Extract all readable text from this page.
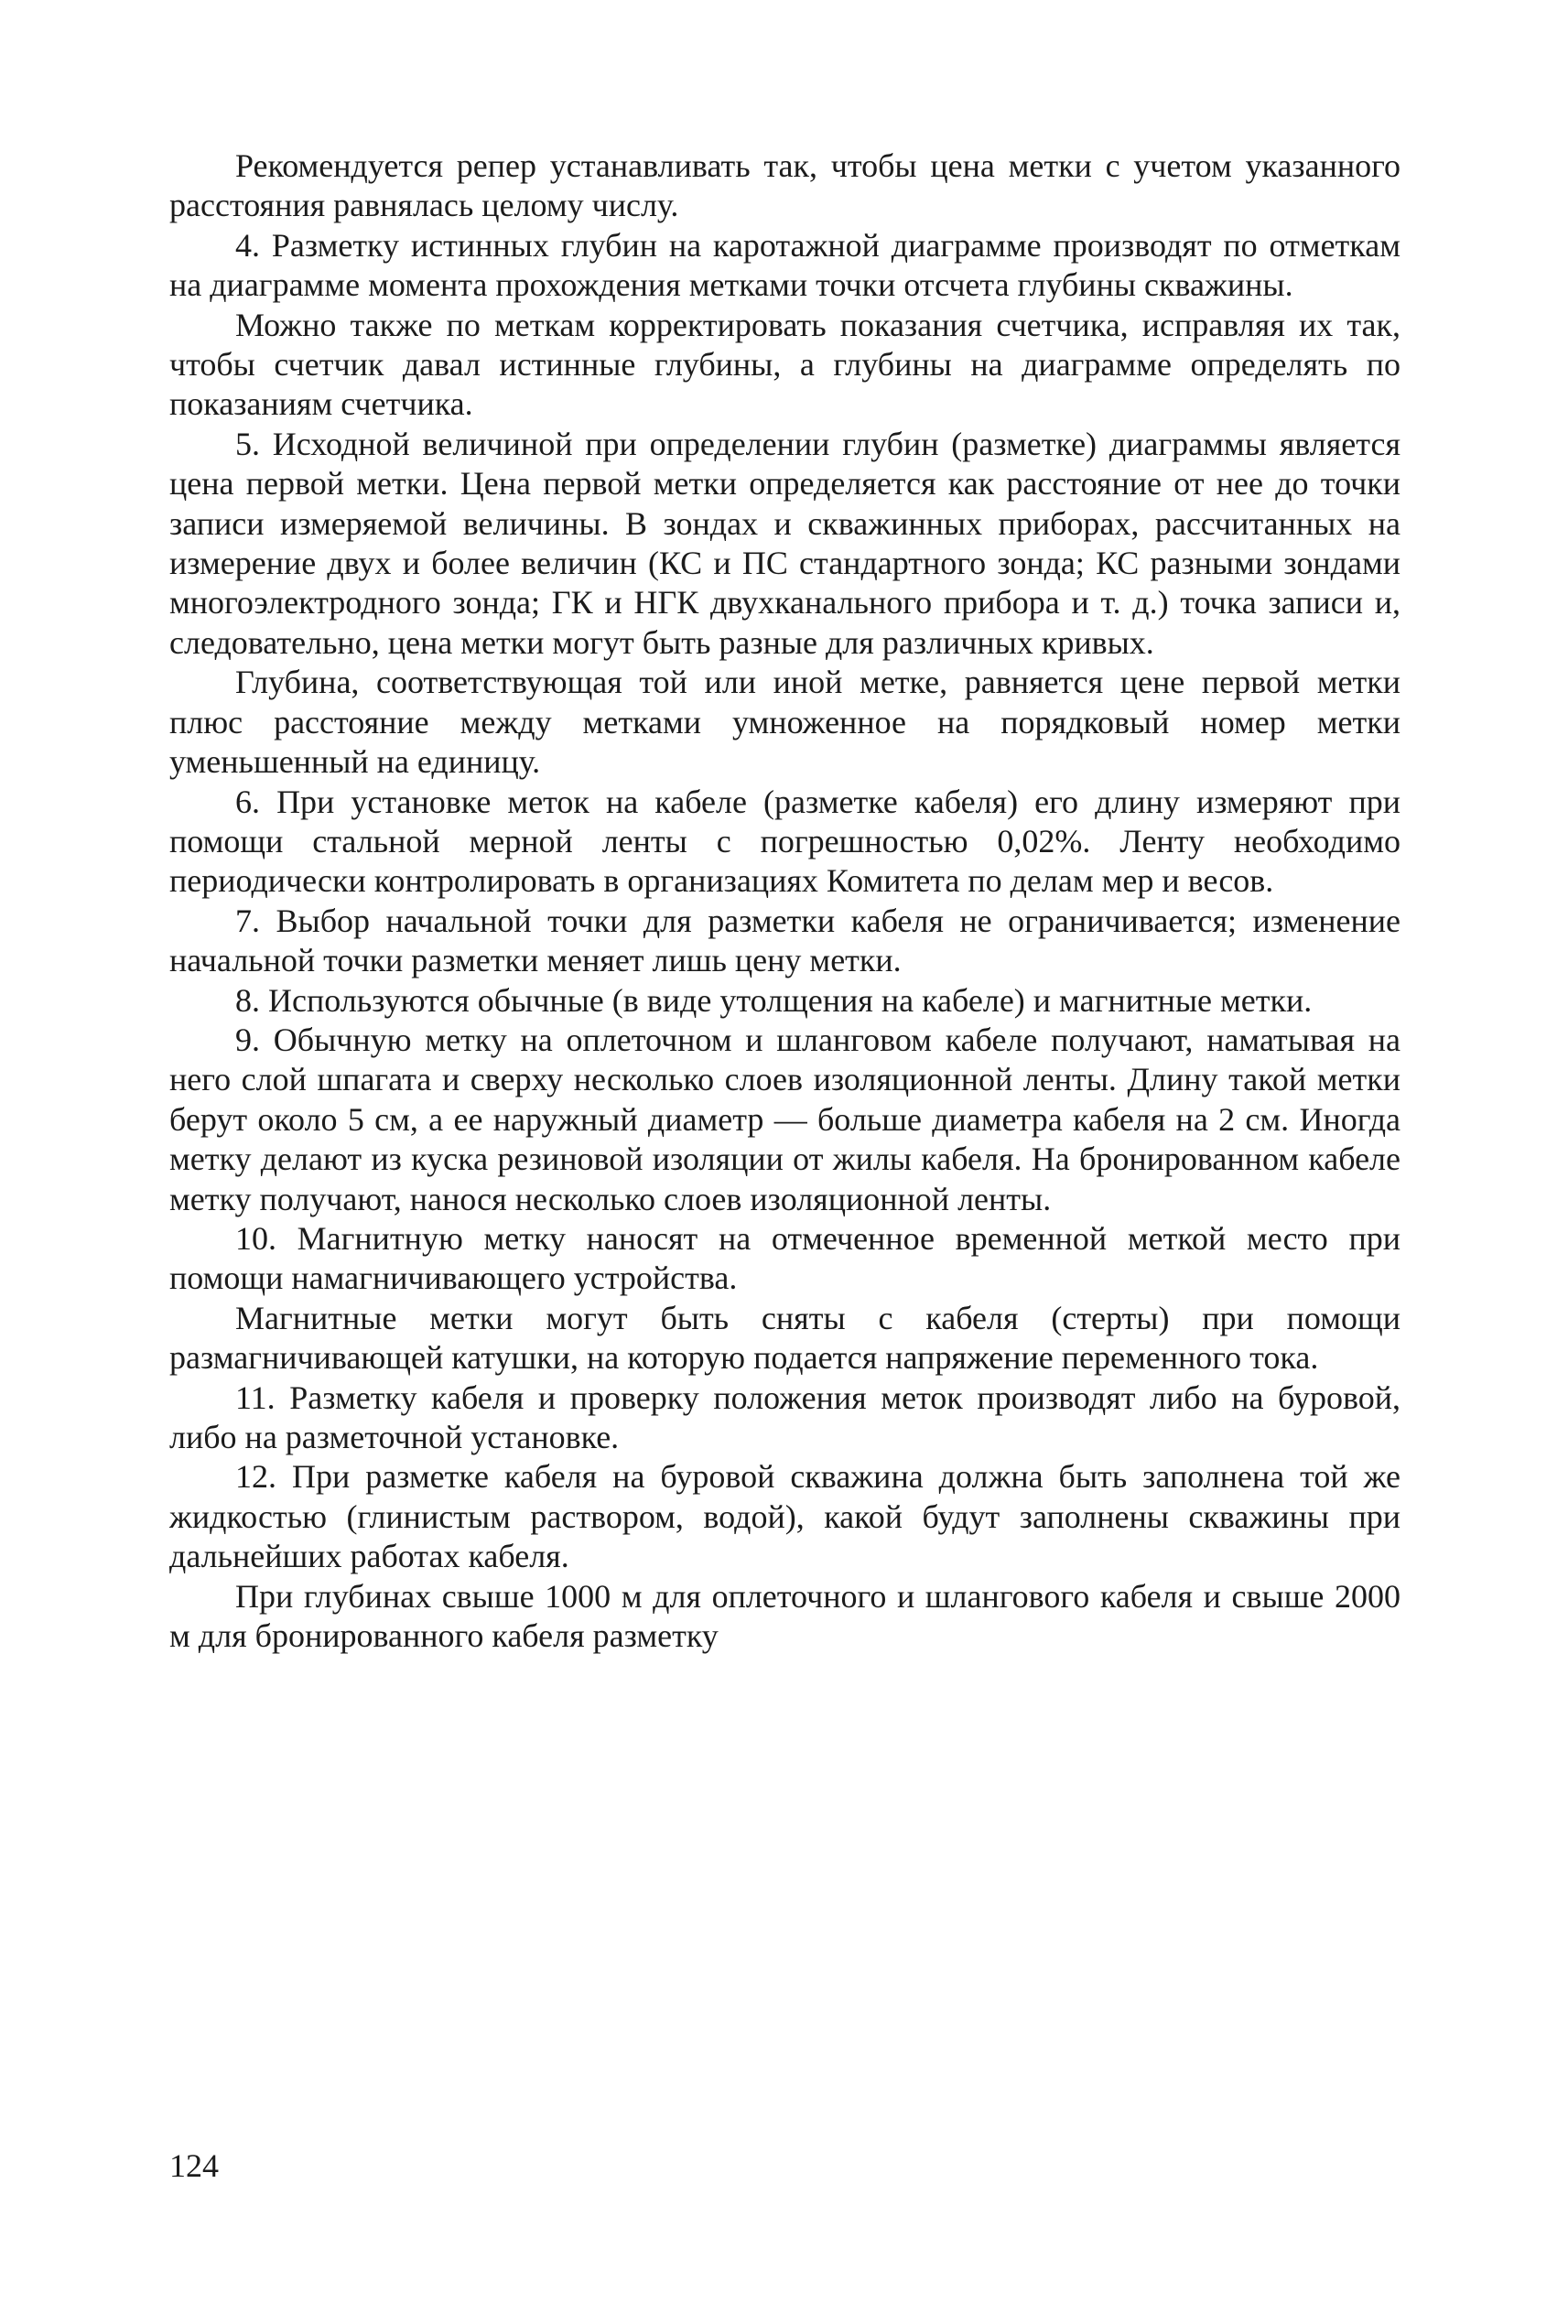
Рекомендуется репер устанавливать так, чтобы цена метки с учетом указанного расстояния равнялась целому числу.

4. Разметку истинных глубин на каротажной диаграмме производят по отметкам на диаграмме момента прохождения метками точки отсчета глубины скважины.

Можно также по меткам корректировать показания счетчика, исправляя их так, чтобы счетчик давал истинные глубины, а глубины на диаграмме определять по показаниям счетчика.

5. Исходной величиной при определении глубин (разметке) диаграммы является цена первой метки. Цена первой метки определяется как расстояние от нее до точки записи измеряемой величины. В зондах и скважинных приборах, рассчитанных на измерение двух и более величин (КС и ПС стандартного зонда; КС разными зондами многоэлектродного зонда; ГК и НГК двухканального прибора и т. д.) точка записи и, следовательно, цена метки могут быть разные для различных кривых.

Глубина, соответствующая той или иной метке, равняется цене первой метки плюс расстояние между метками умноженное на порядковый номер метки уменьшенный на единицу.

6. При установке меток на кабеле (разметке кабеля) его длину измеряют при помощи стальной мерной ленты с погрешностью 0,02%. Ленту необходимо периодически контролировать в организациях Комитета по делам мер и весов.

7. Выбор начальной точки для разметки кабеля не ограничивается; изменение начальной точки разметки меняет лишь цену метки.

8. Используются обычные (в виде утолщения на кабеле) и магнитные метки.

9. Обычную метку на оплеточном и шланговом кабеле получают, наматывая на него слой шпагата и сверху несколько слоев изоляционной ленты. Длину такой метки берут около 5 см, а ее наружный диаметр — больше диаметра кабеля на 2 см. Иногда метку делают из куска резиновой изоляции от жилы кабеля. На бронированном кабеле метку получают, нанося несколько слоев изоляционной ленты.

10. Магнитную метку наносят на отмеченное временной меткой место при помощи намагничивающего устройства.

Магнитные метки могут быть сняты с кабеля (стерты) при помощи размагничивающей катушки, на которую подается напряжение переменного тока.

11. Разметку кабеля и проверку положения меток производят либо на буровой, либо на разметочной установке.

12. При разметке кабеля на буровой скважина должна быть заполнена той же жидкостью (глинистым раствором, водой), какой будут заполнены скважины при дальнейших работах кабеля.

При глубинах свыше 1000 м для оплеточного и шлангового кабеля и свыше 2000 м для бронированного кабеля разметку

124
